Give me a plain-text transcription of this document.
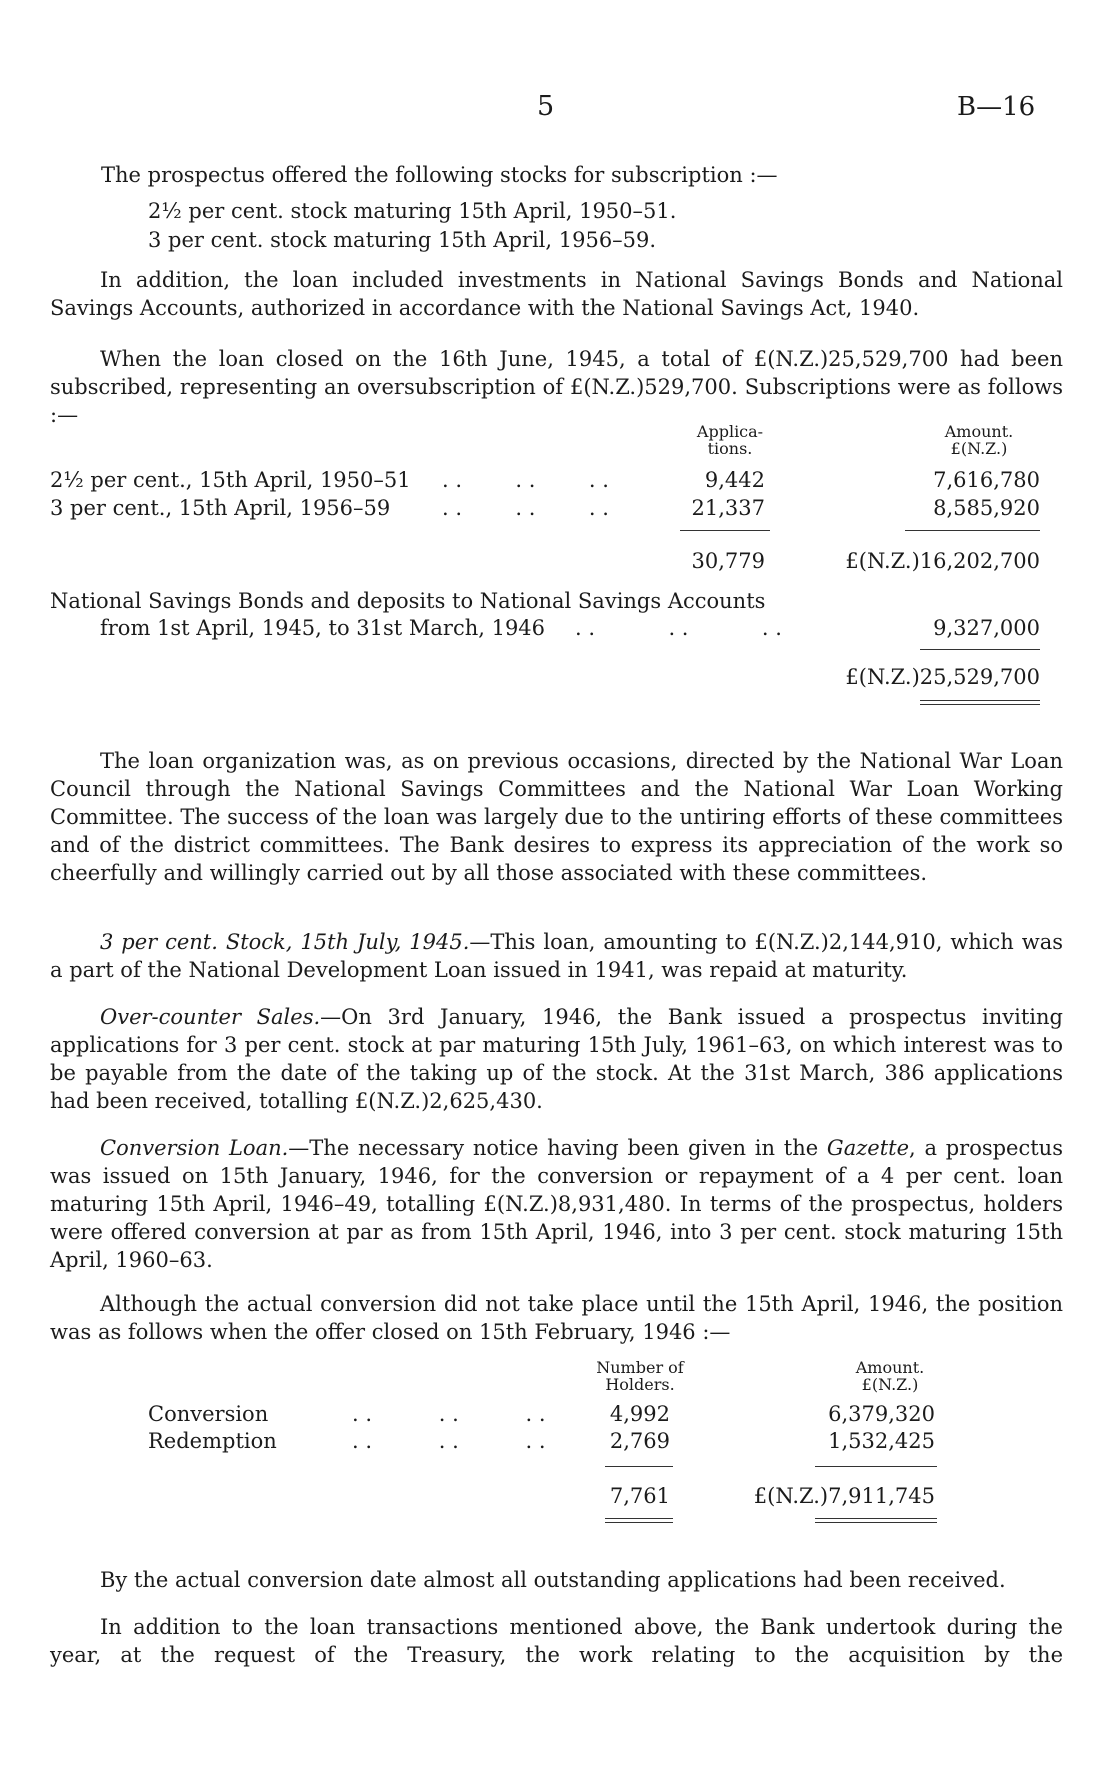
5	B—16
The prospectus offered the following stocks for subscription :—
2½ per cent. stock maturing 15th April, 1950–51.
3 per cent. stock maturing 15th April, 1956–59.
In addition, the loan included investments in National Savings Bonds and National Savings Accounts, authorized in accordance with the National Savings Act, 1940.
When the loan closed on the 16th June, 1945, a total of £(N.Z.)25,529,700 had been subscribed, representing an oversubscription of £(N.Z.)529,700. Subscriptions were as follows :—
Applica-
tions.
Amount.
£(N.Z.)
2½ per cent., 15th April, 1950–51 . .        . .        . .	9,442	7,616,780
3 per cent., 15th April, 1956–59 . .        . .        . .	21,337	8,585,920
30,779	£(N.Z.)16,202,700
National Savings Bonds and deposits to National Savings Accounts
from 1st April, 1945, to 31st March, 1946 . .           . .           . .	9,327,000
£(N.Z.)25,529,700
The loan organization was, as on previous occasions, directed by the National War Loan Council through the National Savings Committees and the National War Loan Working Committee. The success of the loan was largely due to the untiring efforts of these committees and of the district committees. The Bank desires to express its appreciation of the work so cheerfully and willingly carried out by all those associated with these committees.
3 per cent. Stock, 15th July, 1945.—This loan, amounting to £(N.Z.)2,144,910, which was a part of the National Development Loan issued in 1941, was repaid at maturity.
Over-counter Sales.—On 3rd January, 1946, the Bank issued a prospectus inviting applications for 3 per cent. stock at par maturing 15th July, 1961–63, on which interest was to be payable from the date of the taking up of the stock. At the 31st March, 386 applications had been received, totalling £(N.Z.)2,625,430.
Conversion Loan.—The necessary notice having been given in the Gazette, a prospectus was issued on 15th January, 1946, for the conversion or repayment of a 4 per cent. loan maturing 15th April, 1946–49, totalling £(N.Z.)8,931,480. In terms of the prospectus, holders were offered conversion at par as from 15th April, 1946, into 3 per cent. stock maturing 15th April, 1960–63.
Although the actual conversion did not take place until the 15th April, 1946, the position was as follows when the offer closed on 15th February, 1946 :—
Number of
Holders.
Amount.
£(N.Z.)
Conversion	. .          . .          . .	4,992	6,379,320
Redemption	. .          . .          . .	2,769	1,532,425
7,761	£(N.Z.)7,911,745
By the actual conversion date almost all outstanding applications had been received.
In addition to the loan transactions mentioned above, the Bank undertook during the year, at the request of the Treasury, the work relating to the acquisition by the
